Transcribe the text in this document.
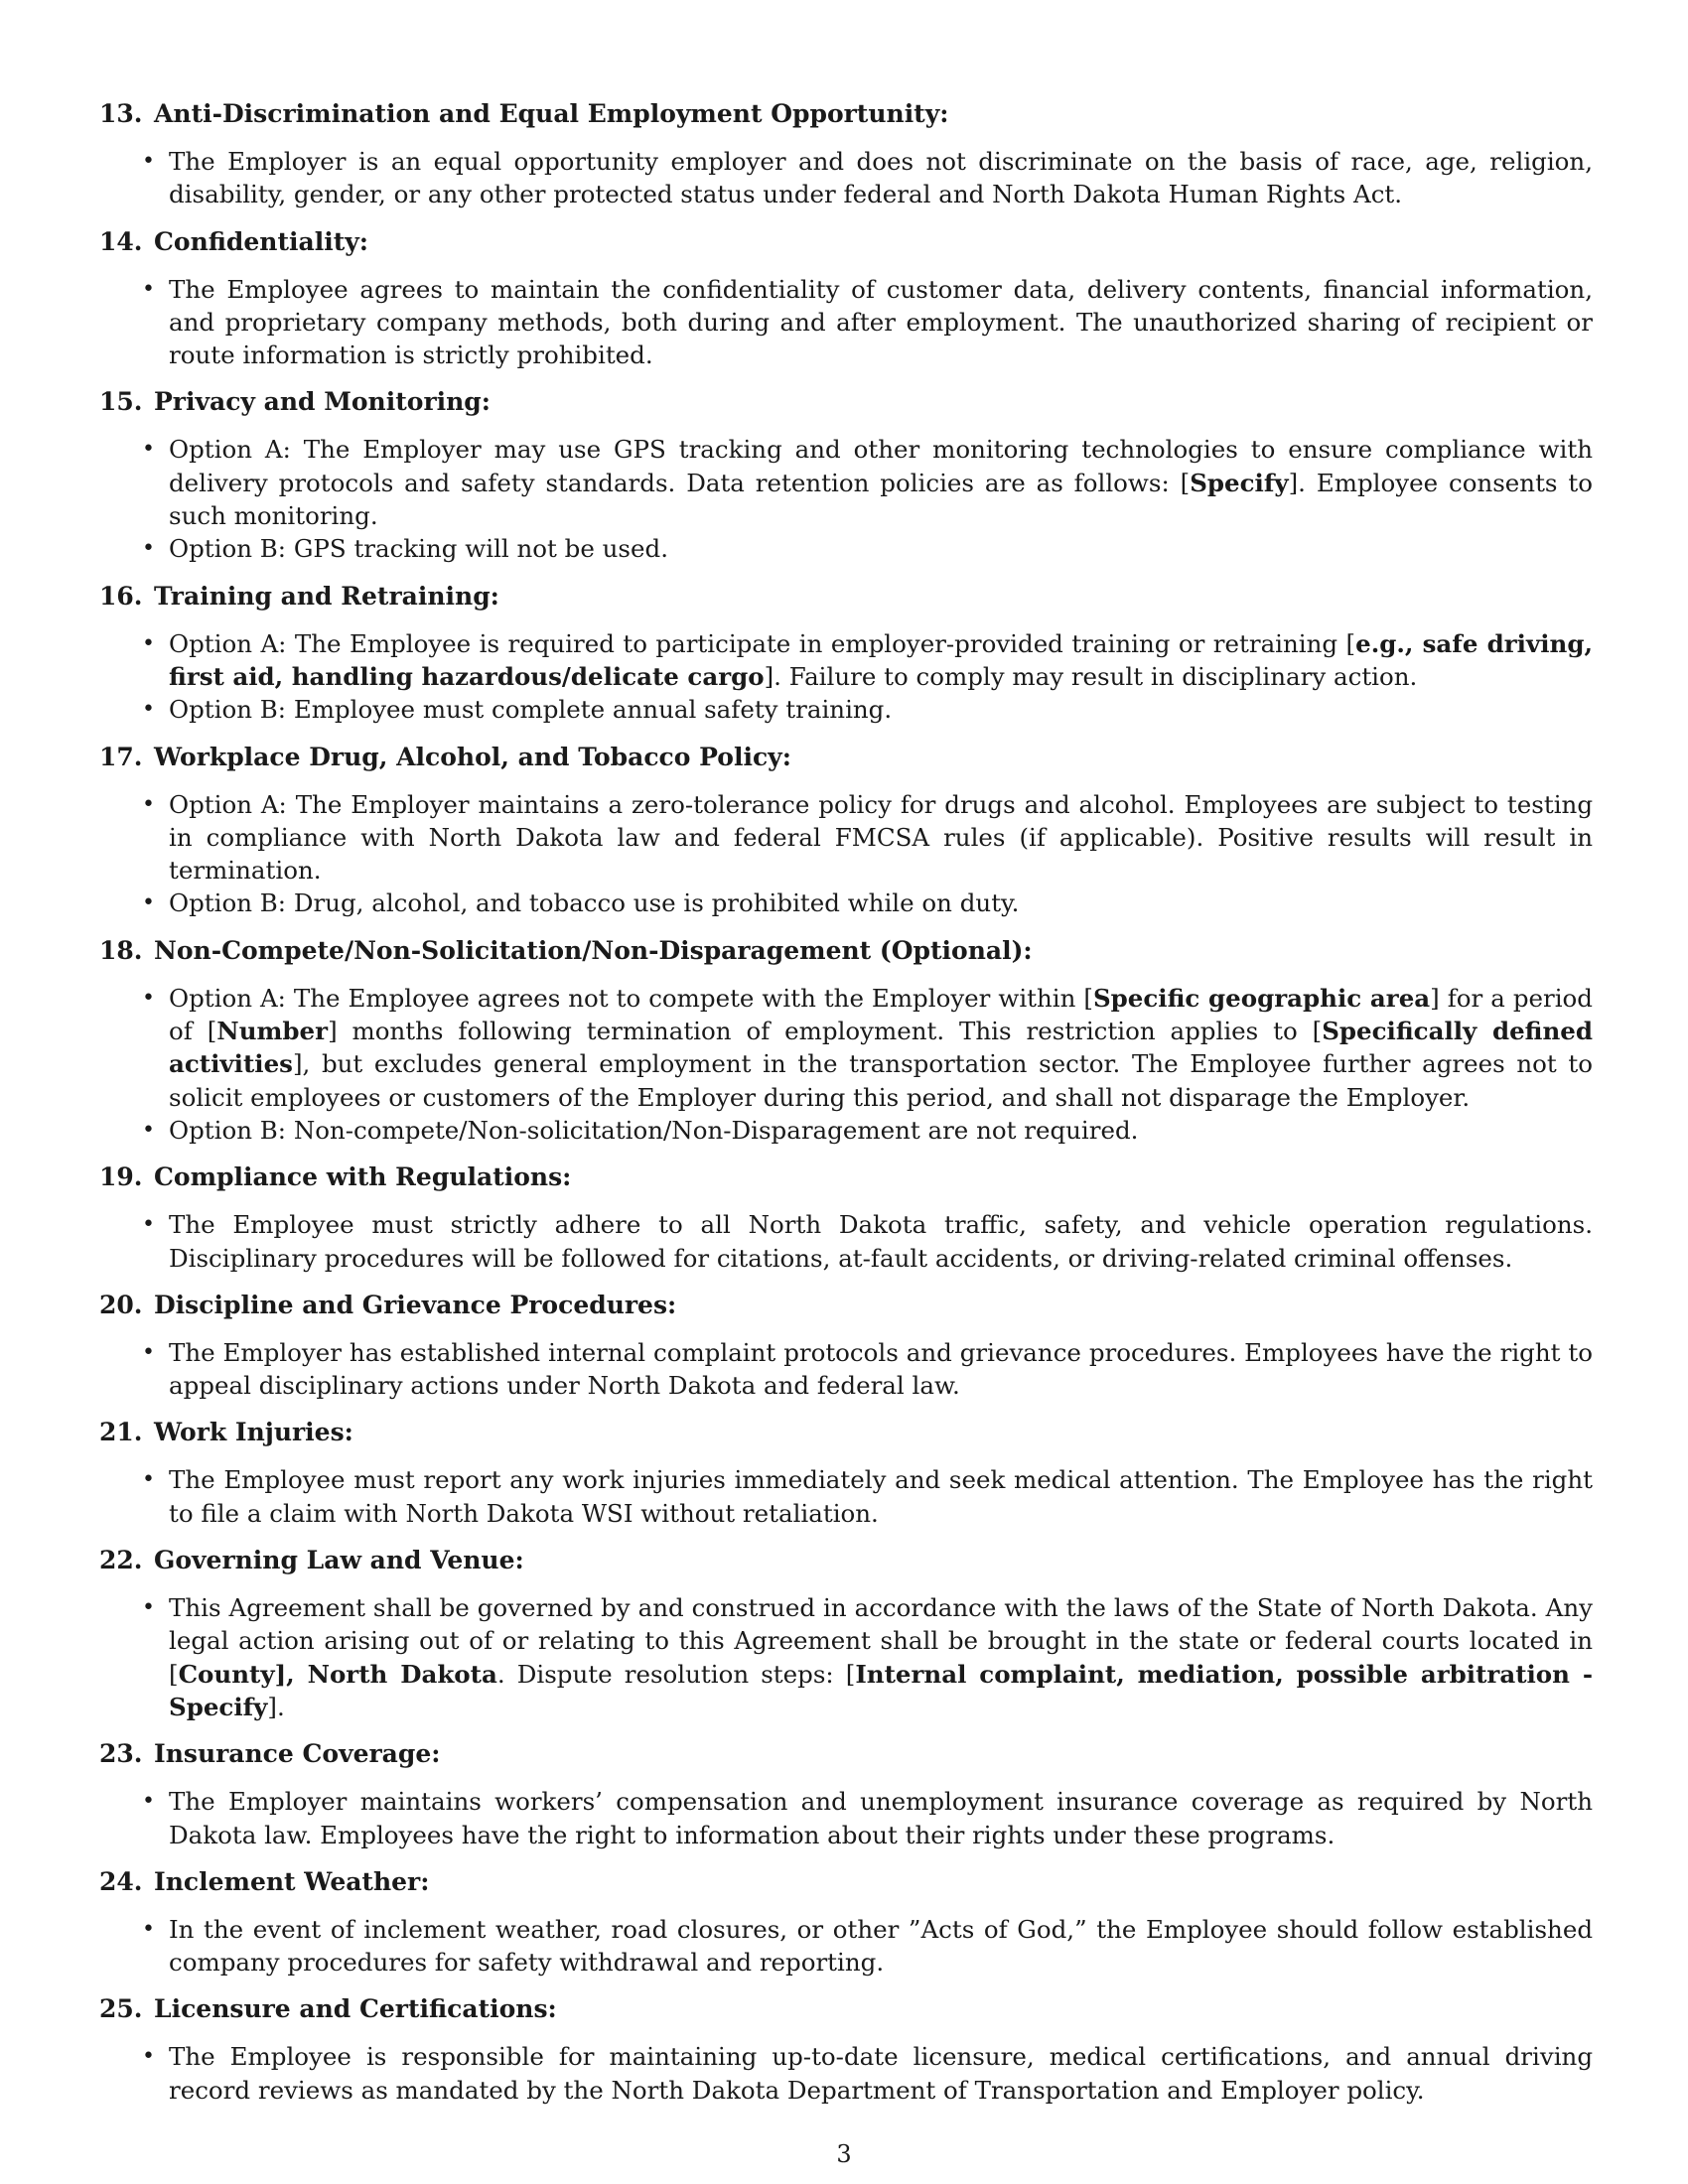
13. Anti-Discrimination and Equal Employment Opportunity:
• The Employer is an equal opportunity employer and does not discriminate on the basis of race, age, religion, disability, gender, or any other protected status under federal and North Dakota Human Rights Act.
14. Confidentiality:
• The Employee agrees to maintain the confidentiality of customer data, delivery contents, financial information, and proprietary company methods, both during and after employment. The unauthorized sharing of recipient or route information is strictly prohibited.
15. Privacy and Monitoring:
• Option A: The Employer may use GPS tracking and other monitoring technologies to ensure compliance with delivery protocols and safety standards. Data retention policies are as follows: [Specify]. Employee consents to such monitoring.
• Option B: GPS tracking will not be used.
16. Training and Retraining:
• Option A: The Employee is required to participate in employer-provided training or retraining [e.g., safe driving, first aid, handling hazardous/delicate cargo]. Failure to comply may result in disciplinary action.
• Option B: Employee must complete annual safety training.
17. Workplace Drug, Alcohol, and Tobacco Policy:
• Option A: The Employer maintains a zero-tolerance policy for drugs and alcohol. Employees are subject to testing in compliance with North Dakota law and federal FMCSA rules (if applicable). Positive results will result in termination.
• Option B: Drug, alcohol, and tobacco use is prohibited while on duty.
18. Non-Compete/Non-Solicitation/Non-Disparagement (Optional):
• Option A: The Employee agrees not to compete with the Employer within [Specific geographic area] for a period of [Number] months following termination of employment. This restriction applies to [Specifically defined activities], but excludes general employment in the transportation sector. The Employee further agrees not to solicit employees or customers of the Employer during this period, and shall not disparage the Employer.
• Option B: Non-compete/Non-solicitation/Non-Disparagement are not required.
19. Compliance with Regulations:
• The Employee must strictly adhere to all North Dakota traffic, safety, and vehicle operation regulations. Disciplinary procedures will be followed for citations, at-fault accidents, or driving-related criminal offenses.
20. Discipline and Grievance Procedures:
• The Employer has established internal complaint protocols and grievance procedures. Employees have the right to appeal disciplinary actions under North Dakota and federal law.
21. Work Injuries:
• The Employee must report any work injuries immediately and seek medical attention. The Employee has the right to file a claim with North Dakota WSI without retaliation.
22. Governing Law and Venue:
• This Agreement shall be governed by and construed in accordance with the laws of the State of North Dakota. Any legal action arising out of or relating to this Agreement shall be brought in the state or federal courts located in [County], North Dakota. Dispute resolution steps: [Internal complaint, mediation, possible arbitration - Specify].
23. Insurance Coverage:
• The Employer maintains workers’ compensation and unemployment insurance coverage as required by North Dakota law. Employees have the right to information about their rights under these programs.
24. Inclement Weather:
• In the event of inclement weather, road closures, or other ”Acts of God,” the Employee should follow established company procedures for safety withdrawal and reporting.
25. Licensure and Certifications:
• The Employee is responsible for maintaining up-to-date licensure, medical certifications, and annual driving record reviews as mandated by the North Dakota Department of Transportation and Employer policy.
3
